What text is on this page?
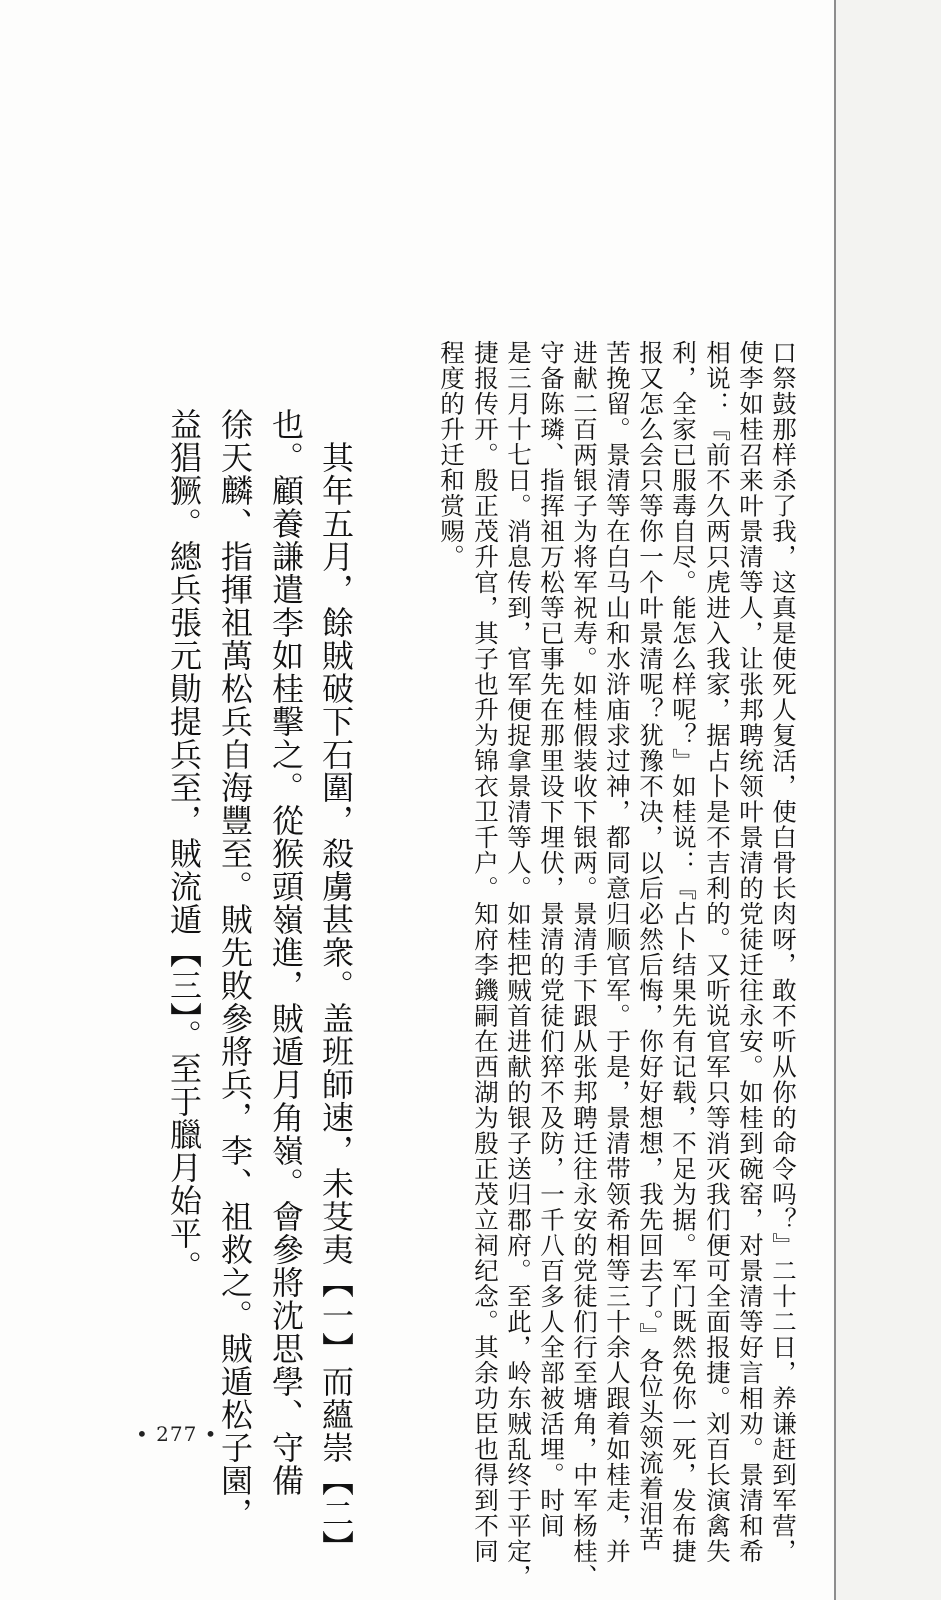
口祭鼓那样杀了我，这真是使死人复活，使白骨长肉呀，敢不听从你的命令吗？』二十二日，养谦赶到军营，
使李如桂召来叶景清等人，让张邦聘统领叶景清的党徒迁往永安。如桂到碗窑，对景清等好言相劝。景清和希
相说：『前不久两只虎进入我家，据占卜是不吉利的。又听说官军只等消灭我们便可全面报捷。刘百长演禽失
利，全家已服毒自尽。能怎么样呢？』如桂说：『占卜结果先有记载，不足为据。军门既然免你一死，发布捷
报又怎么会只等你一个叶景清呢？犹豫不决，以后必然后悔，你好好想想，我先回去了。』各位头领流着泪苦
苦挽留。景清等在白马山和水浒庙求过神，都同意归顺官军。于是，景清带领希相等三十余人跟着如桂走，并
进献二百两银子为将军祝寿。如桂假装收下银两。景清手下跟从张邦聘迁往永安的党徒们行至塘角，中军杨桂、
守备陈璘、指挥祖万松等已事先在那里设下埋伏，景清的党徒们猝不及防，一千八百多人全部被活埋。时间
是三月十七日。消息传到，官军便捉拿景清等人。如桂把贼首进献的银子送归郡府。至此，岭东贼乱终于平定，
捷报传开。殷正茂升官，其子也升为锦衣卫千户。知府李鐖嗣在西湖为殷正茂立祠纪念。其余功臣也得到不同
程度的升迁和赏赐。
　其年五月，餘賊破下石圍，殺虜甚衆。盖班師速，未芟夷【一】而蘊崇【二】
也。顧養謙遣李如桂擊之。從猴頭嶺進，賊遁月角嶺。會參將沈思學、守備
徐天麟、指揮祖萬松兵自海豐至。賊先敗參將兵，李、祖救之。賊遁松子園，
益猖獗。總兵張元勛提兵至，賊流遁【三】。至于臘月始平。
• 277 •
